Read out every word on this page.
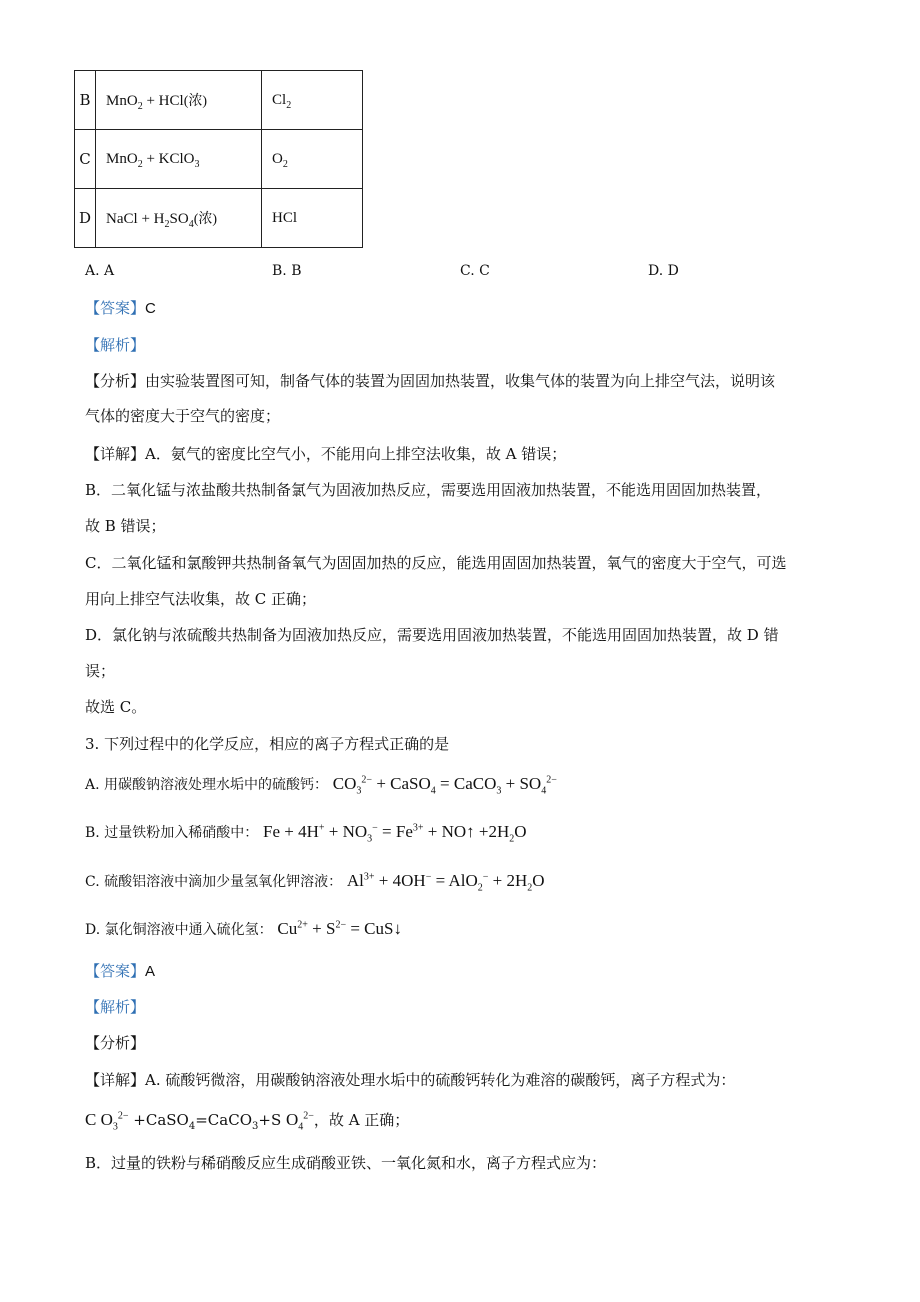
B	MnO$_2$ + HCl(浓)	$Cl_2$
C	MnO$_2$ + KClO$_3$	$O_2$
D	NaCl + $H_2SO_4$(浓)	HCl
A. A	B. B	C. C	D. D
【答案】C
【解析】
【分析】由实验装置图可知，制备气体的装置为固固加热装置，收集气体的装置为向上排空气法，说明该
气体的密度大于空气的密度；
【详解】A．氨气的密度比空气小，不能用向上排空法收集，故 A 错误；
B．二氧化锰与浓盐酸共热制备氯气为固液加热反应，需要选用固液加热装置，不能选用固固加热装置，
故 B 错误；
C．二氧化锰和氯酸钾共热制备氧气为固固加热的反应，能选用固固加热装置，氧气的密度大于空气，可选
用向上排空气法收集，故 C 正确；
D．氯化钠与浓硫酸共热制备为固液加热反应，需要选用固液加热装置，不能选用固固加热装置，故 D 错
误；
故选 C。
3. 下列过程中的化学反应，相应的离子方程式正确的是
A. 用碳酸钠溶液处理水垢中的硫酸钙： $CO_3^{2-}$ + CaSO$_4$ = CaCO$_3$ + $SO_4^{2-}$
B. 过量铁粉加入稀硝酸中： $Fe + 4H^+ + NO_3^- = Fe^{3+}$ + NO↑ $+2H_2O$
C. 硫酸铝溶液中滴加少量氢氧化钾溶液： $Al^{3+} + 4OH^- = AlO_2^- + 2H_2O$
D. 氯化铜溶液中通入硫化氢： $Cu^{2+} + S^{2-}$ = CuS↓
【答案】A
【解析】
【分析】
【详解】A. 硫酸钙微溶，用碳酸钠溶液处理水垢中的硫酸钙转化为难溶的碳酸钙，离子方程式为：
C $O_3^{2-}$ +CaSO$_4$=CaCO$_3$+S $O_4^{2-}$，故 A 正确；
B．过量的铁粉与稀硝酸反应生成硝酸亚铁、一氧化氮和水，离子方程式应为：
